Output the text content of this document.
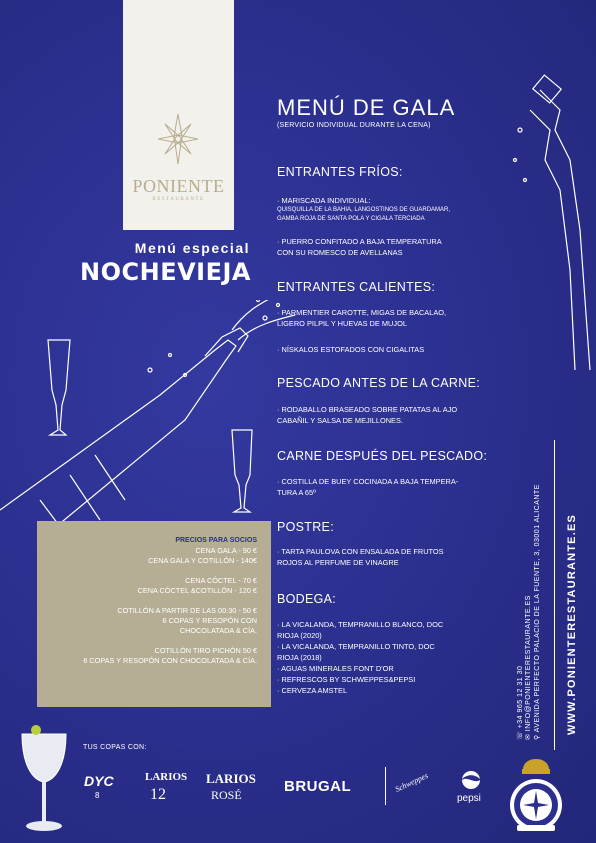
PONIENTE
RESTAURANTE
Menú especial
NOCHEVIEJA
PRECIOS PARA SOCIOS
CENA GALA - 90 €
CENA GALA Y COTILLÓN - 140€
CENA CÓCTEL - 70 €
CENA CÓCTEL &COTILLÓN - 120 €
COTILLÓN A PARTIR DE LAS 00:30 - 50 €
6 COPAS Y RESOPÓN CON
CHOCOLATADA & CÍA.
COTILLÓN TIRO PICHÓN 50 €
6 COPAS Y RESOPÓN CON CHOCOLATADA & CÍA.
MENÚ DE GALA
(SERVICIO INDIVIDUAL DURANTE LA CENA)
ENTRANTES FRÍOS:
· MARISCADA INDIVIDUAL:
QUISQUILLA DE LA BAHIA, LANGOSTINOS DE GUARDAMAR,
GAMBA ROJA DE SANTA POLA Y CIGALA TERCIADA
· PUERRO CONFITADO A BAJA TEMPERATURA
CON SU ROMESCO DE AVELLANAS
ENTRANTES CALIENTES:
· PARMENTIER CAROTTE, MIGAS DE BACALAO,
LIGERO PILPIL Y HUEVAS DE MUJOL
· NÍSKALOS ESTOFADOS CON CIGALITAS
PESCADO ANTES DE LA CARNE:
· RODABALLO BRASEADO SOBRE PATATAS AL AJO
CABAÑIL Y SALSA DE MEJILLONES.
CARNE DESPUÉS DEL PESCADO:
· COSTILLA DE BUEY COCINADA A BAJA TEMPERA-
TURA A 65º
POSTRE:
· TARTA PAULOVA CON ENSALADA DE FRUTOS
ROJOS AL PERFUME DE VINAGRE
BODEGA:
· LA VICALANDA, TEMPRANILLO BLANCO, DOC
RIOJA (2020)
· LA VICALANDA, TEMPRANILLO TINTO, DOC
RIOJA (2018)
· AGUAS MINERALES FONT D'OR
· REFRESCOS BY SCHWEPPES&PEPSI
· CERVEZA AMSTEL	☏ +34 965 12 31 30 ✉ INFO@PONIENTERESTAURANTE.ES ⚲ AVENIDA PERFECTO PALACIO DE LA FUENTE, 3, 03001 ALICANTE WWW.PONIENTERESTAURANTE.ES
TUS COPAS CON:
DYC
8
LARIOS
12
LARIOS
ROSÉ	BRUGAL	Schweppes
pepsi
